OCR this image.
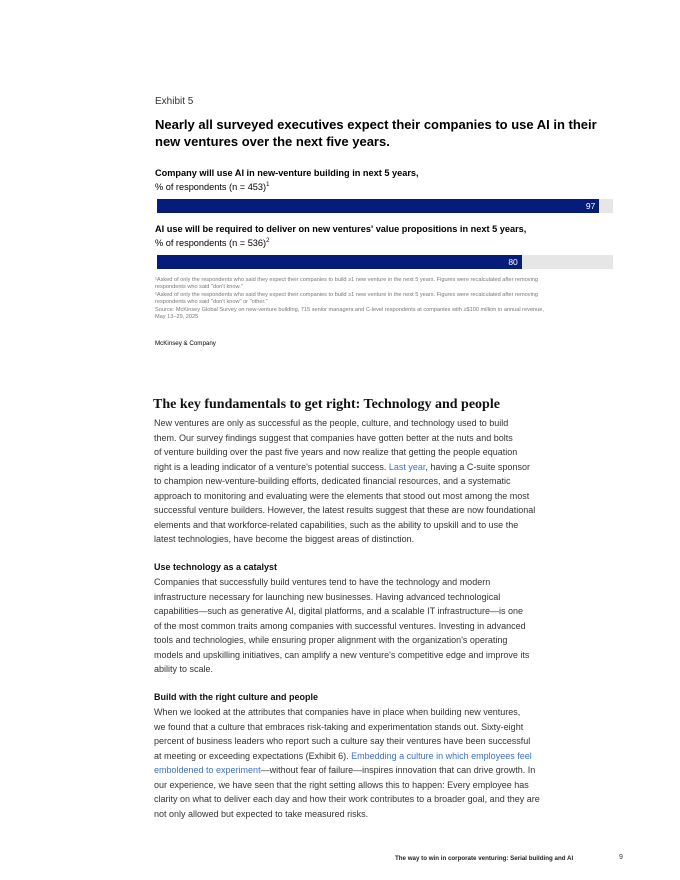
Exhibit 5
Nearly all surveyed executives expect their companies to use AI in their new ventures over the next five years.
Company will use AI in new-venture building in next 5 years,
% of respondents (n = 453)$^1$
97
AI use will be required to deliver on new ventures' value propositions in next 5 years,
% of respondents (n = 536)$^2$
80
¹Asked of only the respondents who said they expect their companies to build ≥1 new venture in the next 5 years. Figures were recalculated after removing
respondents who said "don't know."
²Asked of only the respondents who said they expect their companies to build ≥1 new venture in the next 5 years. Figures were recalculated after removing
respondents who said "don't know" or "other."
Source: McKinsey Global Survey on new-venture building, 715 senior managers and C-level respondents at companies with ≥$100 million in annual revenue,
May 13–29, 2025
McKinsey & Company
The key fundamentals to get right: Technology and people
New ventures are only as successful as the people, culture, and technology used to build
them. Our survey findings suggest that companies have gotten better at the nuts and bolts
of venture building over the past five years and now realize that getting the people equation
right is a leading indicator of a venture's potential success. Last year, having a C-suite sponsor
to champion new-venture-building efforts, dedicated financial resources, and a systematic
approach to monitoring and evaluating were the elements that stood out most among the most
successful venture builders. However, the latest results suggest that these are now foundational
elements and that workforce-related capabilities, such as the ability to upskill and to use the
latest technologies, have become the biggest areas of distinction.
Use technology as a catalyst
Companies that successfully build ventures tend to have the technology and modern
infrastructure necessary for launching new businesses. Having advanced technological
capabilities—such as generative AI, digital platforms, and a scalable IT infrastructure—is one
of the most common traits among companies with successful ventures. Investing in advanced
tools and technologies, while ensuring proper alignment with the organization's operating
models and upskilling initiatives, can amplify a new venture's competitive edge and improve its
ability to scale.
Build with the right culture and people
When we looked at the attributes that companies have in place when building new ventures,
we found that a culture that embraces risk-taking and experimentation stands out. Sixty-eight
percent of business leaders who report such a culture say their ventures have been successful
at meeting or exceeding expectations (Exhibit 6). Embedding a culture in which employees feel
emboldened to experiment—without fear of failure—inspires innovation that can drive growth. In
our experience, we have seen that the right setting allows this to happen: Every employee has
clarity on what to deliver each day and how their work contributes to a broader goal, and they are
not only allowed but expected to take measured risks.
The way to win in corporate venturing: Serial building and AI	9
